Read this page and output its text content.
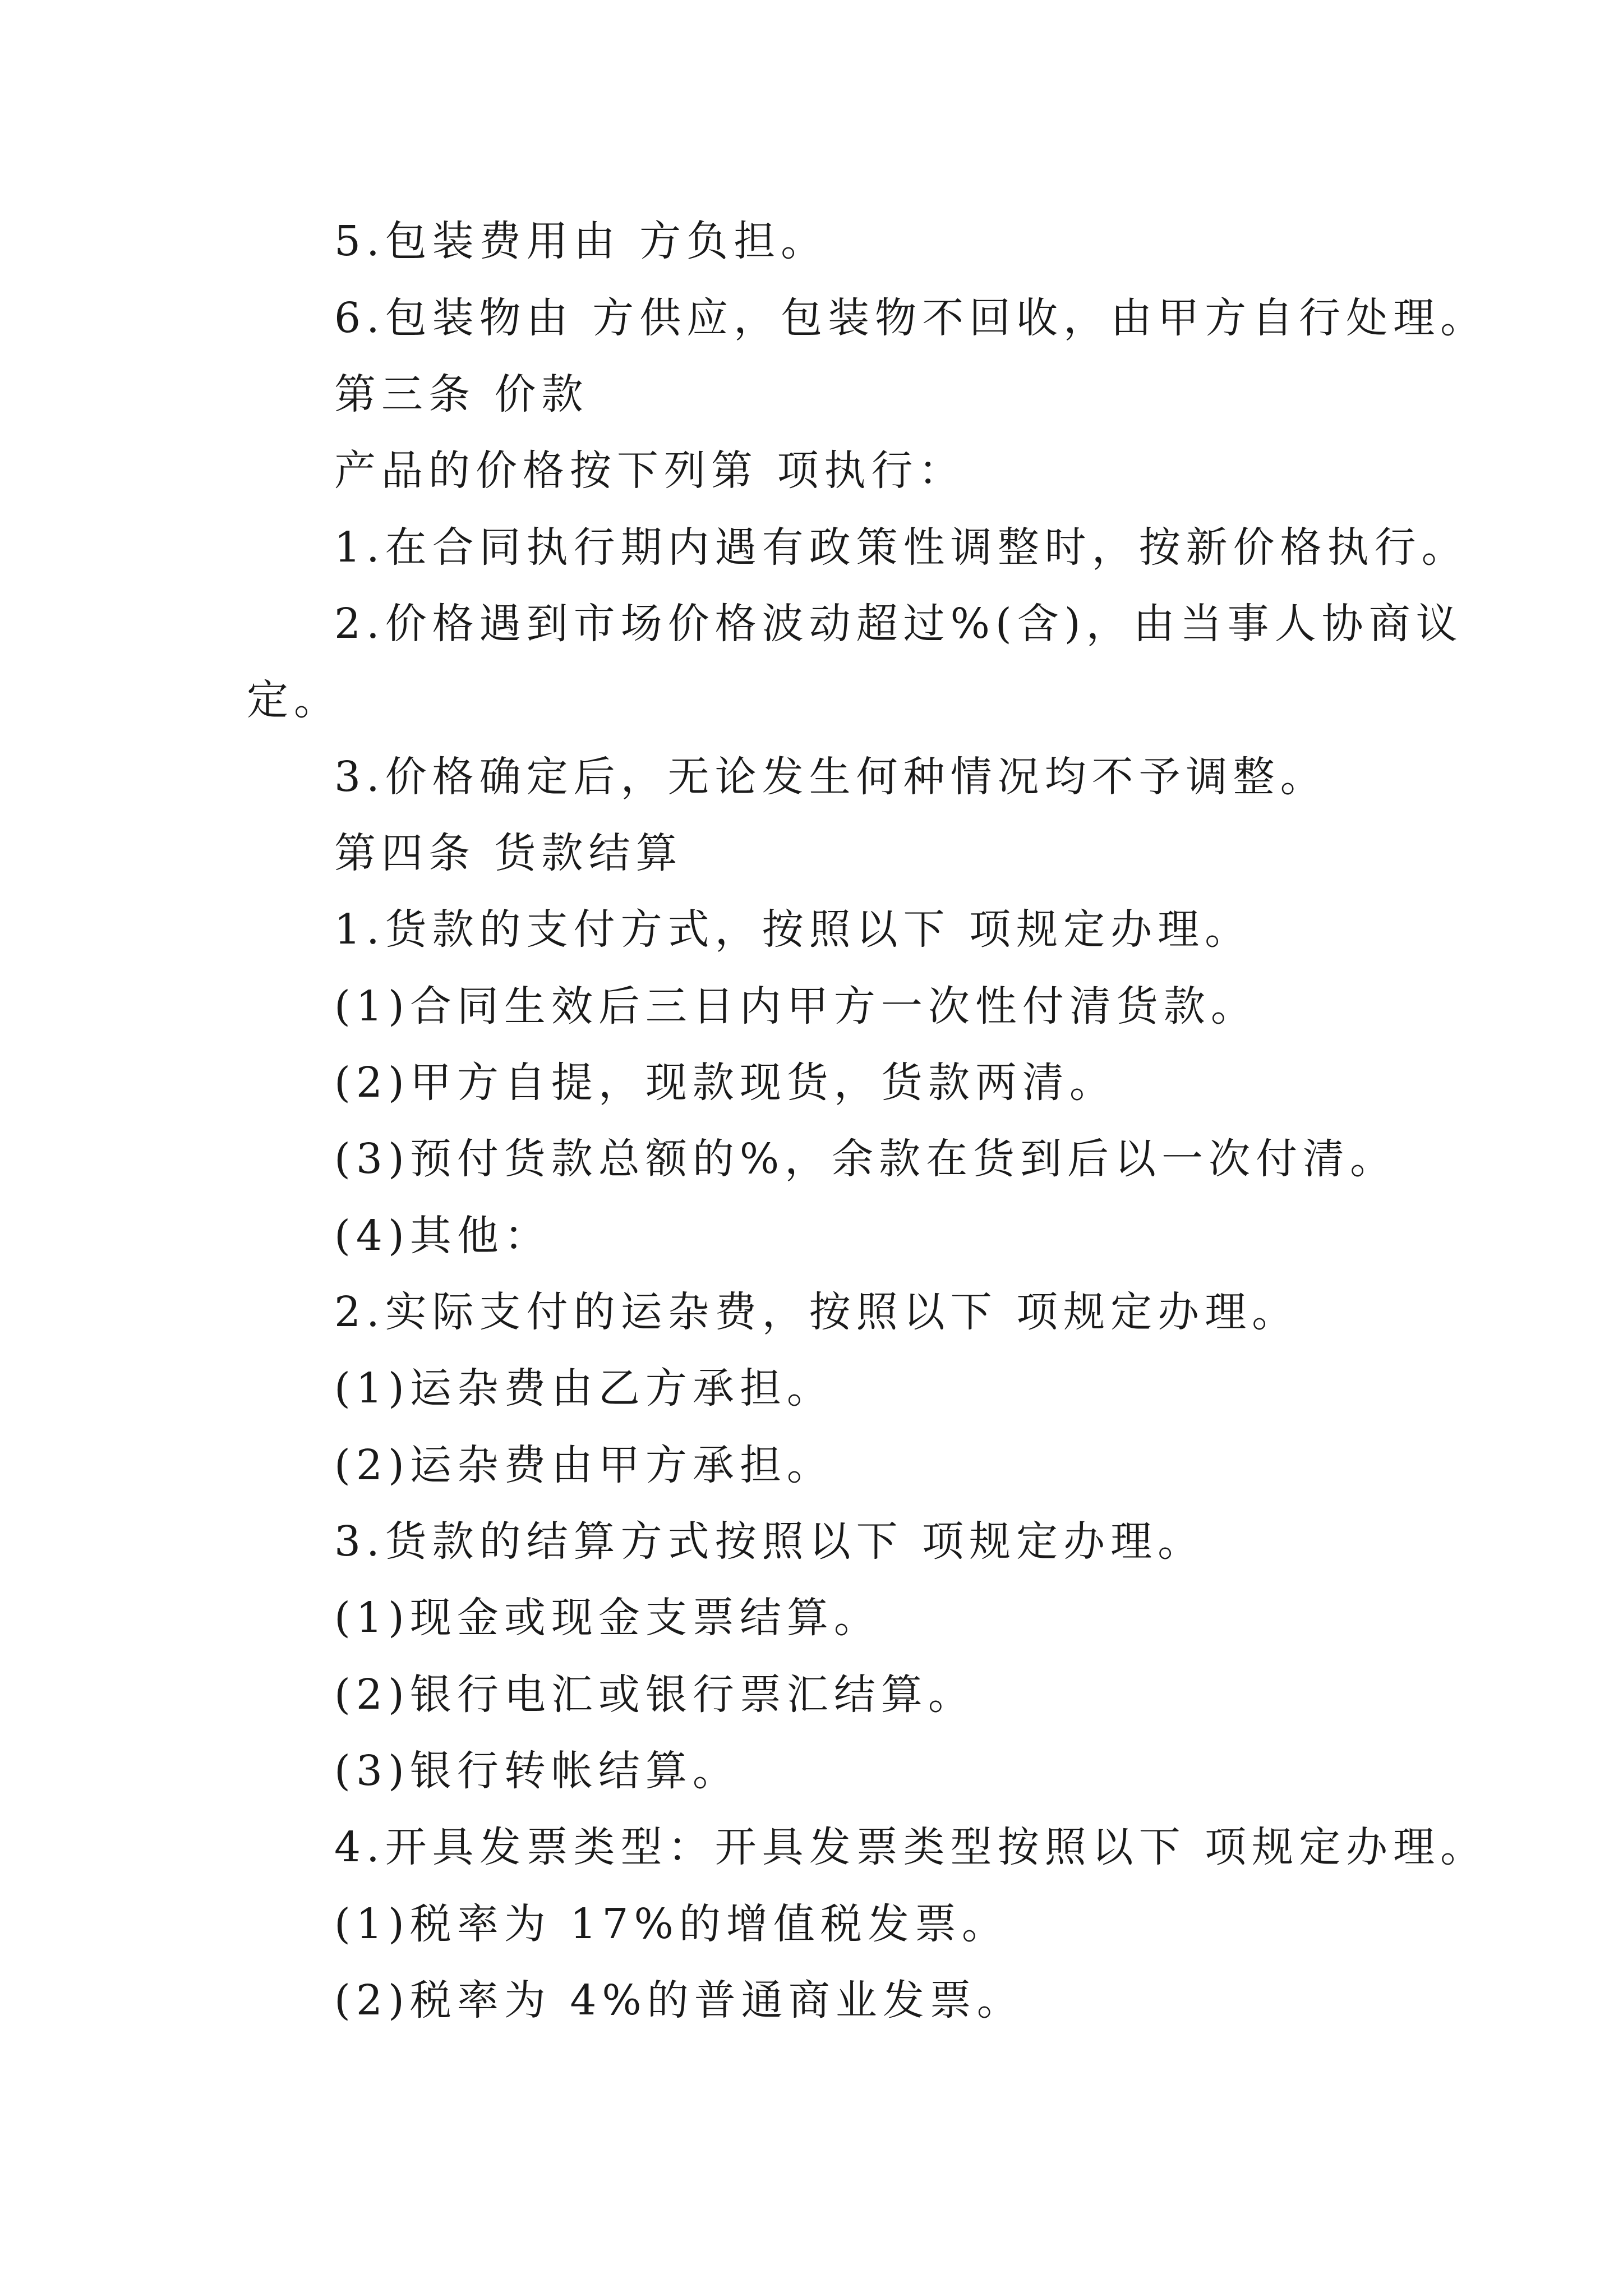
5.包装费用由 方负担。
6.包装物由 方供应，包装物不回收，由甲方自行处理。
第三条 价款
产品的价格按下列第 项执行：
1.在合同执行期内遇有政策性调整时，按新价格执行。
2.价格遇到市场价格波动超过%(含)，由当事人协商议
定。
3.价格确定后，无论发生何种情况均不予调整。
第四条 货款结算
1.货款的支付方式，按照以下 项规定办理。
(1)合同生效后三日内甲方一次性付清货款。
(2)甲方自提，现款现货，货款两清。
(3)预付货款总额的%，余款在货到后以一次付清。
(4)其他：
2.实际支付的运杂费，按照以下 项规定办理。
(1)运杂费由乙方承担。
(2)运杂费由甲方承担。
3.货款的结算方式按照以下 项规定办理。
(1)现金或现金支票结算。
(2)银行电汇或银行票汇结算。
(3)银行转帐结算。
4.开具发票类型：开具发票类型按照以下 项规定办理。
(1)税率为 17%的增值税发票。
(2)税率为 4%的普通商业发票。
